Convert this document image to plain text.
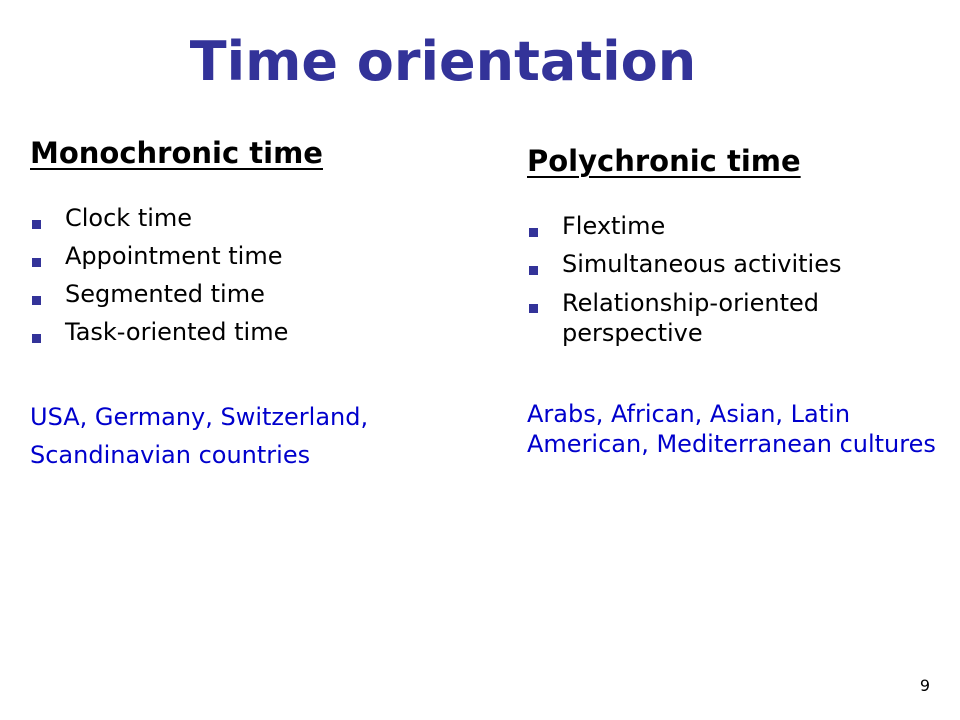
Time orientation
Monochronic time
Clock time
Appointment time
Segmented time
Task-oriented time
USA, Germany, Switzerland,
Scandinavian countries
Polychronic time
Flextime
Simultaneous activities
Relationship-oriented perspective
Arabs, African, Asian, Latin American, Mediterranean cultures
9
